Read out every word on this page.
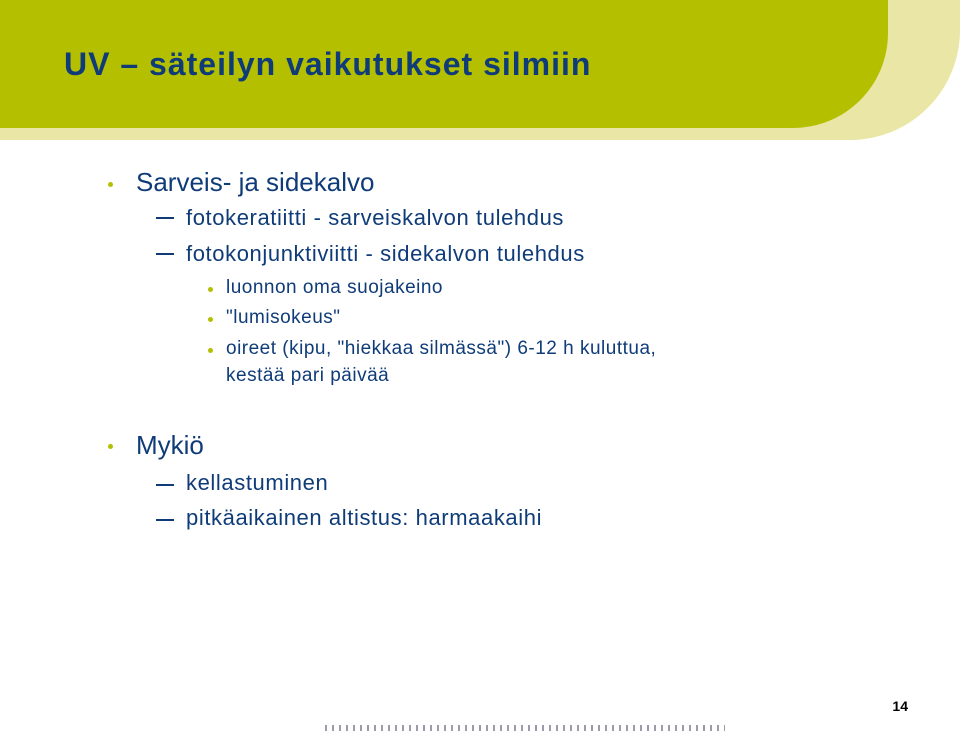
UV – säteilyn vaikutukset silmiin
Sarveis- ja sidekalvo
fotokeratiitti - sarveiskalvon tulehdus
fotokonjunktiviitti - sidekalvon tulehdus
luonnon oma suojakeino
"lumisokeus"
oireet (kipu, "hiekkaa silmässä") 6-12 h kuluttua,
kestää pari päivää
Mykiö
kellastuminen
pitkäaikainen altistus: harmaakaihi
14
